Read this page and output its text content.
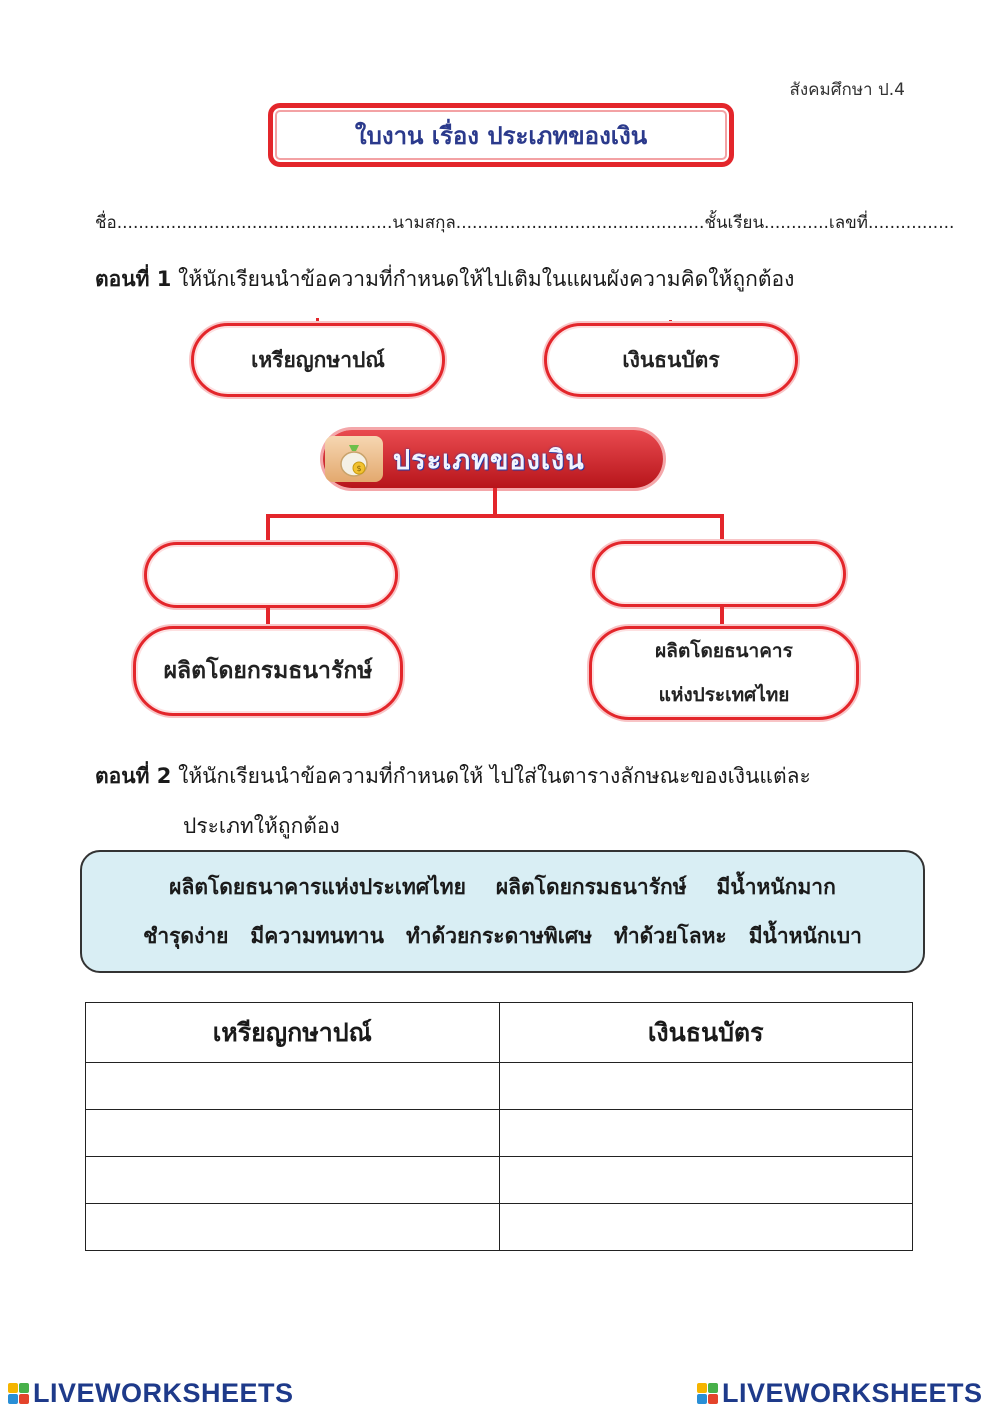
สังคมศึกษา ป.4
ใบงาน เรื่อง ประเภทของเงิน
ชื่อ...................................................นามสกุล..............................................ชั้นเรียน............เลขที่................
ตอนที่ 1 ให้นักเรียนนำข้อความที่กำหนดให้ไปเติมในแผนผังความคิดให้ถูกต้อง
เหรียญกษาปณ์	เงินธนบัตร
$ ประเภทของเงิน
ผลิตโดยกรมธนารักษ์
ผลิตโดยธนาคาร
แห่งประเทศไทย
ตอนที่ 2 ให้นักเรียนนำข้อความที่กำหนดให้ ไปใส่ในตารางลักษณะของเงินแต่ละ
ประเภทให้ถูกต้อง
ผลิตโดยธนาคารแห่งประเทศไทย ผลิตโดยกรมธนารักษ์ มีน้ำหนักมาก
ชำรุดง่าย มีความทนทาน ทำด้วยกระดาษพิเศษ ทำด้วยโลหะ มีน้ำหนักเบา
เหรียญกษาปณ์	เงินธนบัตร

LIVEWORKSHEETS	LIVEWORKSHEETS
